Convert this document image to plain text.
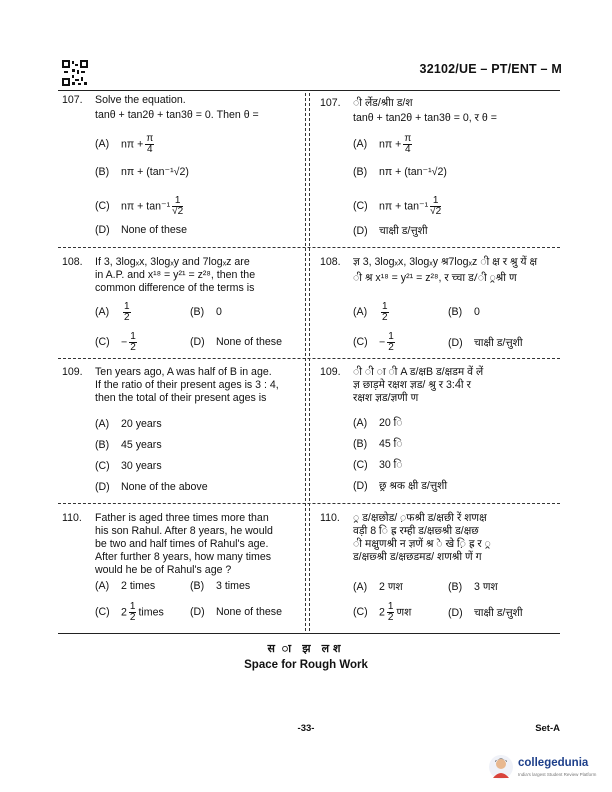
32102/UE – PT/ENT – M
107. Solve the equation.
tanθ + tan2θ + tan3θ = 0. Then θ =
(A) $n\pi + \frac{\pi}{4}$
(B) nπ + (tan⁻¹√2)
(C) $n\pi + \tan^{-1} \frac{1}{√2}$
(D) None of these
108. If 3, 3logₓx, 3logₓy and 7logₓz are
in A.P. and x¹⁸ = y²¹ = z²⁸, then the
common difference of the terms is
$(A) \frac{1}{2}$	(B) 0
$(C) - \frac{1}{2}$	(D) None of these
109. Ten years ago, A was half of B in age.
If the ratio of their present ages is 3 : 4,
then the total of their present ages is
(A) 20 years
(B) 45 years
(C) 30 years
(D) None of the above
110. Father is aged three times more than
his son Rahul. After 8 years, he would
be two and half times of Rahul's age.
After further 8 years, how many times
would he be of Rahul's age ?
(A) 2 times	(B) 3 times
(C) $2 \frac{1}{2}$ times (D) None of these
107. ी र्लेड/श्रीा ड/श
tanθ + tan2θ + tan3θ = 0, र θ =
(A) $n\pi + \frac{\pi}{4}$
(B) nπ + (tan⁻¹√2)
(C) $n\pi + \tan^{-1} \frac{1}{√2}$
(D) चाक्षी ड/त्तुशी
108. ज्ञ 3, 3logₓx, 3logₓy श्र7logₓz ी क्ष र श्रु यें क्ष
ी श्र x¹⁸ = y²¹ = z²⁸, र च्चा ड/ी ्रश्री ण
$(A) \frac{1}{2}$	(B) 0
$(C) - \frac{1}{2}$	(D) चाक्षी ड/त्तुशी
109. ी ी ा ी A ड/क्षB ड/क्षडम वें लें
ज्ञ छाड़मे रक्षश ज्ञड/ श्रु र 3:4ी र
रक्षश ज्ञड/ज्ञणी ण
(A) 20 ि
(B) 45 ि
(C) 30 ि
(D) छ्र श्रक क्षी ड/त्तुशी
110. ्र ड/क्षछोड/ ़फश्री ड/क्षछी रें शणक्ष
वड़ी 8 ि ह्र रम्ही ड/क्षछ्श्री ड/क्षछ
ी मक्षुणश्री न ज्ञणें श्र े खे ़ि ह्र र ्र
ड/क्षछ्श्री ड/क्षछडमड/ शणश्री णें ग
(A) 2 णश	(B) 3 णश
(C) $2 \frac{1}{2}$ णश	(D) चाक्षी ड/त्तुशी
स ा झ लश
Space for Rough Work
-33-	Set-A
collegedunia
India's largest Student Review Platform
